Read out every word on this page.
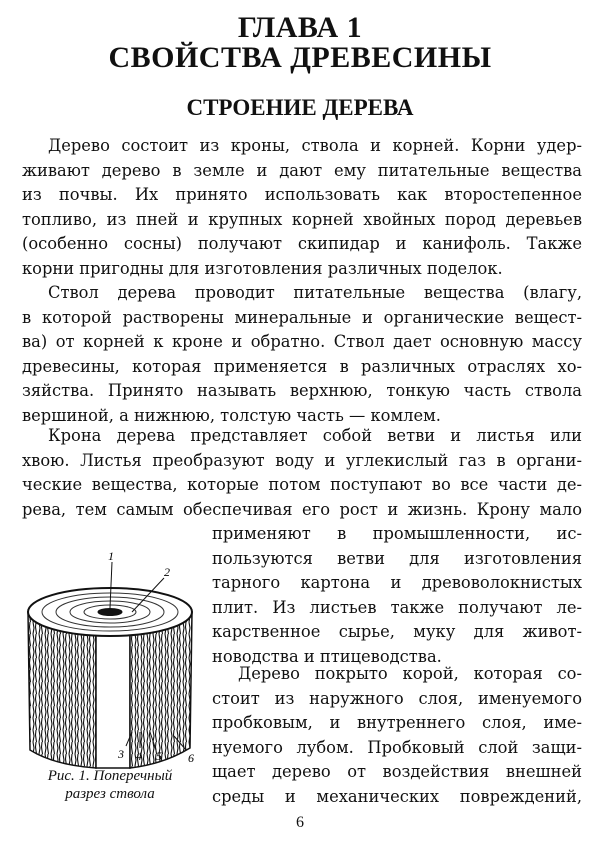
ГЛАВА 1
СВОЙСТВА ДРЕВЕСИНЫ
СТРОЕНИЕ ДЕРЕВА
Дерево состоит из кроны, ствола и корней. Корни удер-
живают дерево в земле и дают ему питательные вещества
из почвы. Их принято использовать как второстепенное
топливо, из пней и крупных корней хвойных пород деревьев
(особенно сосны) получают скипидар и канифоль. Также
корни пригодны для изготовления различных поделок.
Ствол дерева проводит питательные вещества (влагу,
в которой растворены минеральные и органические вещест-
ва) от корней к кроне и обратно. Ствол дает основную массу
древесины, которая применяется в различных отраслях хо-
зяйства. Принято называть верхнюю, тонкую часть ствола
вершиной, а нижнюю, толстую часть — комлем.
Крона дерева представляет собой ветви и листья или
хвою. Листья преобразуют воду и углекислый газ в органи-
ческие вещества, которые потом поступают во все части де-
рева, тем самым обеспечивая его рост и жизнь. Крону мало
применяют в промышленности, ис-
пользуются ветви для изготовления
тарного картона и древоволокнистых
плит. Из листьев также получают ле-
карственное сырье, муку для живот-
новодства и птицеводства.
Дерево покрыто корой, которая со-
стоит из наружного слоя, именуемого
пробковым, и внутреннего слоя, име-
нуемого лубом. Пробковый слой защи-
щает дерево от воздействия внешней
среды и механических повреждений,
1
2
3 4 5 6
Рис. 1. Поперечный
разрез ствола
6
